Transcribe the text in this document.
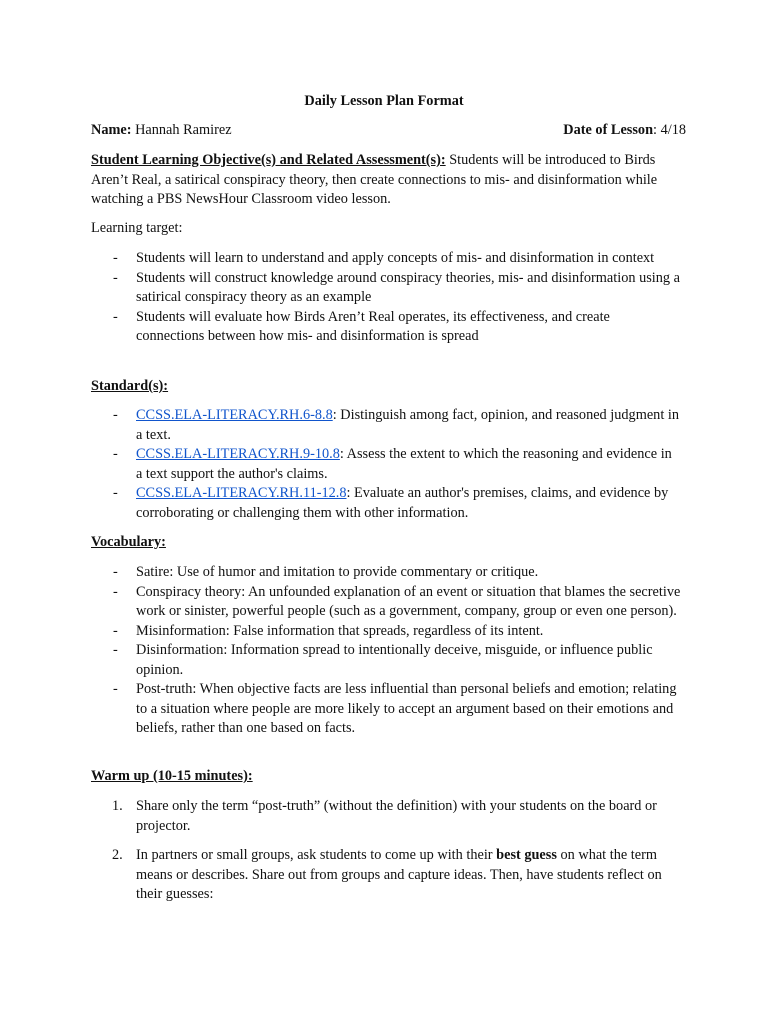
Daily Lesson Plan Format
Name: Hannah Ramirez	Date of Lesson: 4/18
Student Learning Objective(s) and Related Assessment(s): Students will be introduced to Birds Aren’t Real, a satirical conspiracy theory, then create connections to mis- and disinformation while watching a PBS NewsHour Classroom video lesson.
Learning target:
- Students will learn to understand and apply concepts of mis- and disinformation in context
- Students will construct knowledge around conspiracy theories, mis- and disinformation using a satirical conspiracy theory as an example
- Students will evaluate how Birds Aren’t Real operates, its effectiveness, and create connections between how mis- and disinformation is spread
Standard(s):
- CCSS.ELA-LITERACY.RH.6-8.8: Distinguish among fact, opinion, and reasoned judgment in a text.
- CCSS.ELA-LITERACY.RH.9-10.8: Assess the extent to which the reasoning and evidence in a text support the author's claims.
- CCSS.ELA-LITERACY.RH.11-12.8: Evaluate an author's premises, claims, and evidence by corroborating or challenging them with other information.
Vocabulary:
- Satire: Use of humor and imitation to provide commentary or critique.
- Conspiracy theory: An unfounded explanation of an event or situation that blames the secretive work or sinister, powerful people (such as a government, company, group or even one person).
- Misinformation: False information that spreads, regardless of its intent.
- Disinformation: Information spread to intentionally deceive, misguide, or influence public opinion.
- Post-truth: When objective facts are less influential than personal beliefs and emotion; relating to a situation where people are more likely to accept an argument based on their emotions and beliefs, rather than one based on facts.
Warm up (10-15 minutes):
1. Share only the term “post-truth” (without the definition) with your students on the board or projector.
2. In partners or small groups, ask students to come up with their best guess on what the term means or describes. Share out from groups and capture ideas. Then, have students reflect on their guesses:
